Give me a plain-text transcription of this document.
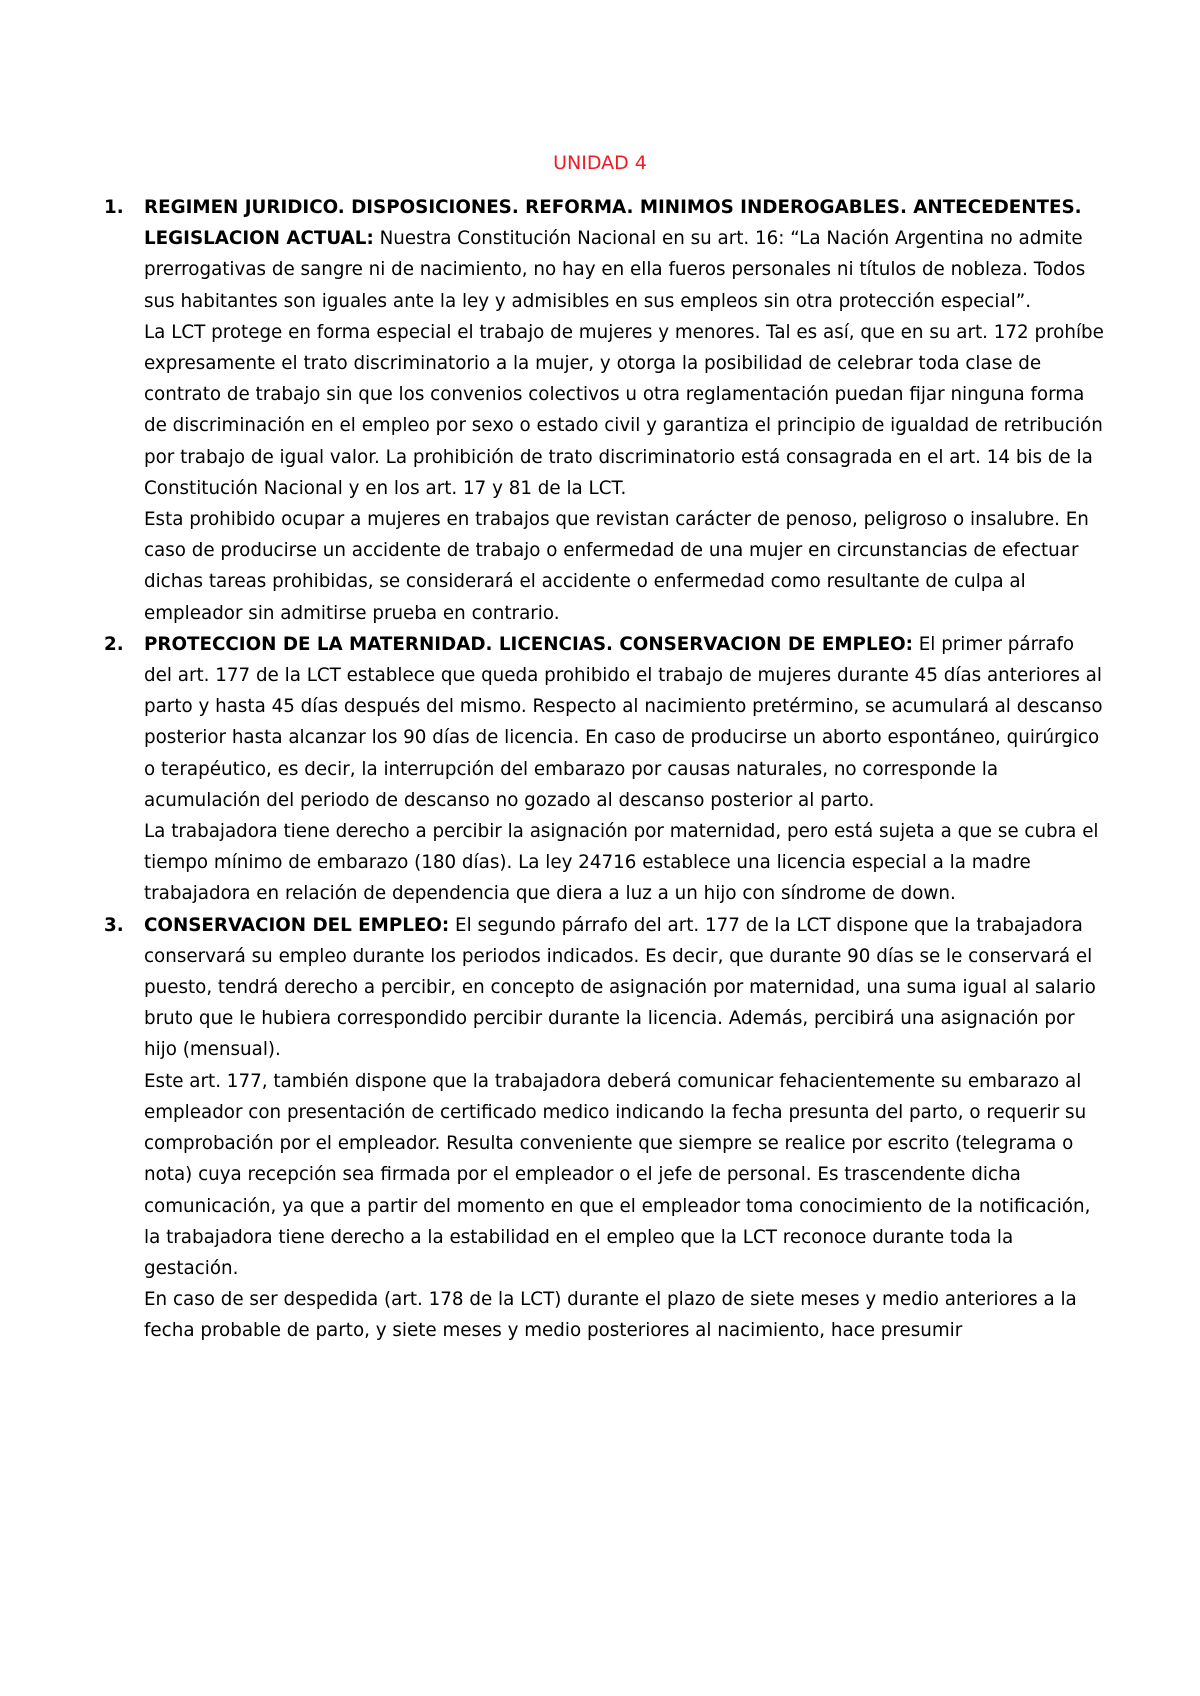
UNIDAD 4
1. REGIMEN JURIDICO. DISPOSICIONES. REFORMA. MINIMOS INDEROGABLES. ANTECEDENTES. LEGISLACION ACTUAL: Nuestra Constitución Nacional en su art. 16: “La Nación Argentina no admite prerrogativas de sangre ni de nacimiento, no hay en ella fueros personales ni títulos de nobleza. Todos sus habitantes son iguales ante la ley y admisibles en sus empleos sin otra protección especial”.

La LCT protege en forma especial el trabajo de mujeres y menores. Tal es así, que en su art. 172 prohíbe expresamente el trato discriminatorio a la mujer, y otorga la posibilidad de celebrar toda clase de contrato de trabajo sin que los convenios colectivos u otra reglamentación puedan fijar ninguna forma de discriminación en el empleo por sexo o estado civil y garantiza el principio de igualdad de retribución por trabajo de igual valor. La prohibición de trato discriminatorio está consagrada en el art. 14 bis de la Constitución Nacional y en los art. 17 y 81 de la LCT.

Esta prohibido ocupar a mujeres en trabajos que revistan carácter de penoso, peligroso o insalubre. En caso de producirse un accidente de trabajo o enfermedad de una mujer en circunstancias de efectuar dichas tareas prohibidas, se considerará el accidente o enfermedad como resultante de culpa al empleador sin admitirse prueba en contrario.

2. PROTECCION DE LA MATERNIDAD. LICENCIAS. CONSERVACION DE EMPLEO: El primer párrafo del art. 177 de la LCT establece que queda prohibido el trabajo de mujeres durante 45 días anteriores al parto y hasta 45 días después del mismo. Respecto al nacimiento pretérmino, se acumulará al descanso posterior hasta alcanzar los 90 días de licencia. En caso de producirse un aborto espontáneo, quirúrgico o terapéutico, es decir, la interrupción del embarazo por causas naturales, no corresponde la acumulación del periodo de descanso no gozado al descanso posterior al parto.

La trabajadora tiene derecho a percibir la asignación por maternidad, pero está sujeta a que se cubra el tiempo mínimo de embarazo (180 días). La ley 24716 establece una licencia especial a la madre trabajadora en relación de dependencia que diera a luz a un hijo con síndrome de down.

3. CONSERVACION DEL EMPLEO: El segundo párrafo del art. 177 de la LCT dispone que la trabajadora conservará su empleo durante los periodos indicados. Es decir, que durante 90 días se le conservará el puesto, tendrá derecho a percibir, en concepto de asignación por maternidad, una suma igual al salario bruto que le hubiera correspondido percibir durante la licencia. Además, percibirá una asignación por hijo (mensual).

Este art. 177, también dispone que la trabajadora deberá comunicar fehacientemente su embarazo al empleador con presentación de certificado medico indicando la fecha presunta del parto, o requerir su comprobación por el empleador. Resulta conveniente que siempre se realice por escrito (telegrama o nota) cuya recepción sea firmada por el empleador o el jefe de personal. Es trascendente dicha comunicación, ya que a partir del momento en que el empleador toma conocimiento de la notificación, la trabajadora tiene derecho a la estabilidad en el empleo que la LCT reconoce durante toda la gestación.

En caso de ser despedida (art. 178 de la LCT) durante el plazo de siete meses y medio anteriores a la fecha probable de parto, y siete meses y medio posteriores al nacimiento, hace presumir
